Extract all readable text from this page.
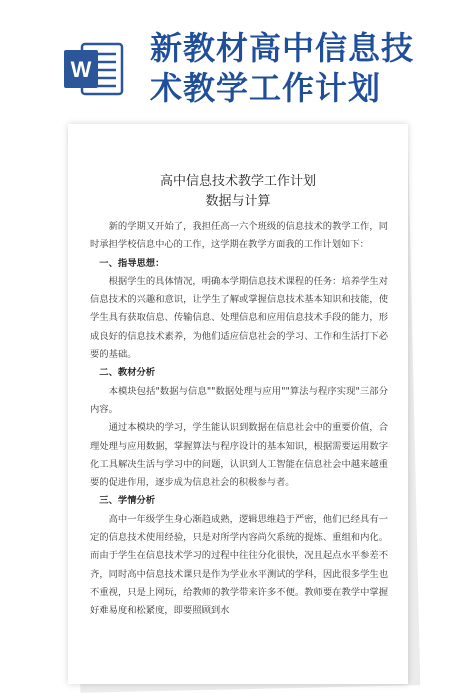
W
新教材高中信息技
术教学工作计划
高中信息技术教学工作计划
数据与计算

新的学期又开始了，我担任高一六个班级的信息技术的教学工作，同时承担学校信息中心的工作，这学期在教学方面我的工作计划如下：

一、指导思想：

根据学生的具体情况，明确本学期信息技术课程的任务：培养学生对信息技术的兴趣和意识，让学生了解或掌握信息技术基本知识和技能，使学生具有获取信息、传输信息、处理信息和应用信息技术手段的能力，形成良好的信息技术素养，为他们适应信息社会的学习、工作和生活打下必要的基础。

二、教材分析

本模块包括"数据与信息""数据处理与应用""算法与程序实现"三部分内容。

通过本模块的学习，学生能认识到数据在信息社会中的重要价值，合理处理与应用数据，掌握算法与程序设计的基本知识，根据需要运用数字化工具解决生活与学习中的问题，认识到人工智能在信息社会中越来越重要的促进作用，逐步成为信息社会的积极参与者。

三、学情分析

高中一年级学生身心渐趋成熟，逻辑思维趋于严密，他们已经具有一定的信息技术使用经验，只是对所学内容尚欠系统的提炼、重组和内化。而由于学生在信息技术学习的过程中往往分化很快，况且起点水平参差不齐，同时高中信息技术课只是作为学业水平测试的学科，因此很多学生也不重视，只是上网玩，给教师的教学带来许多不便。教师要在教学中掌握好难易度和松紧度，即要照顾到水
